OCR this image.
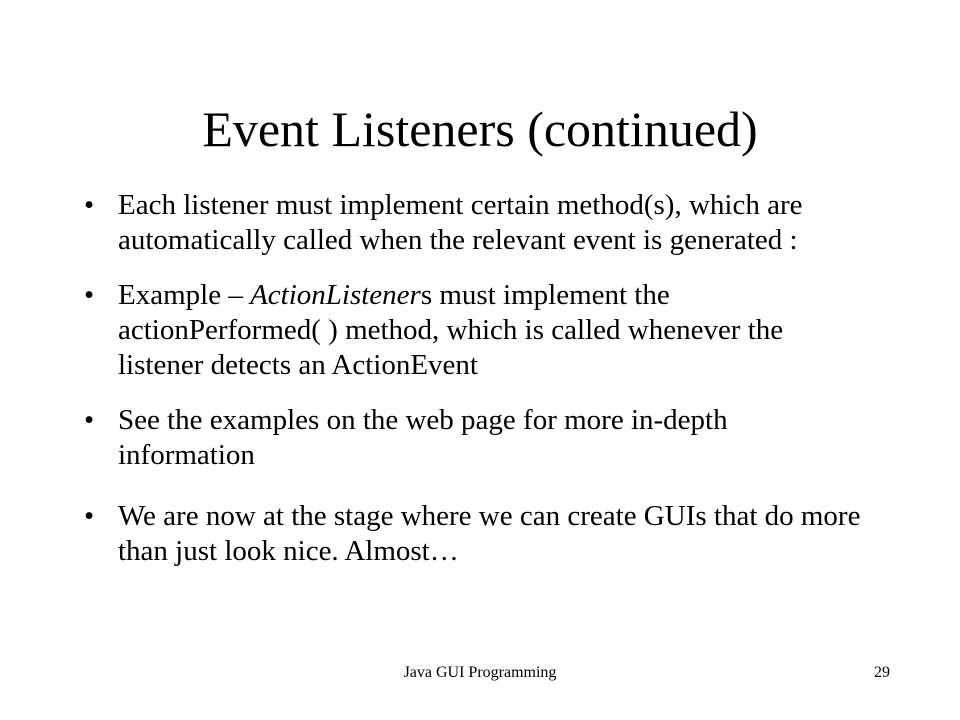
Event Listeners (continued)
• Each listener must implement certain method(s), which are automatically called when the relevant event is generated :
• Example – ActionListeners must implement the actionPerformed( ) method, which is called whenever the listener detects an ActionEvent
• See the examples on the web page for more in-depth information
• We are now at the stage where we can create GUIs that do more than just look nice. Almost…
Java GUI Programming	29
